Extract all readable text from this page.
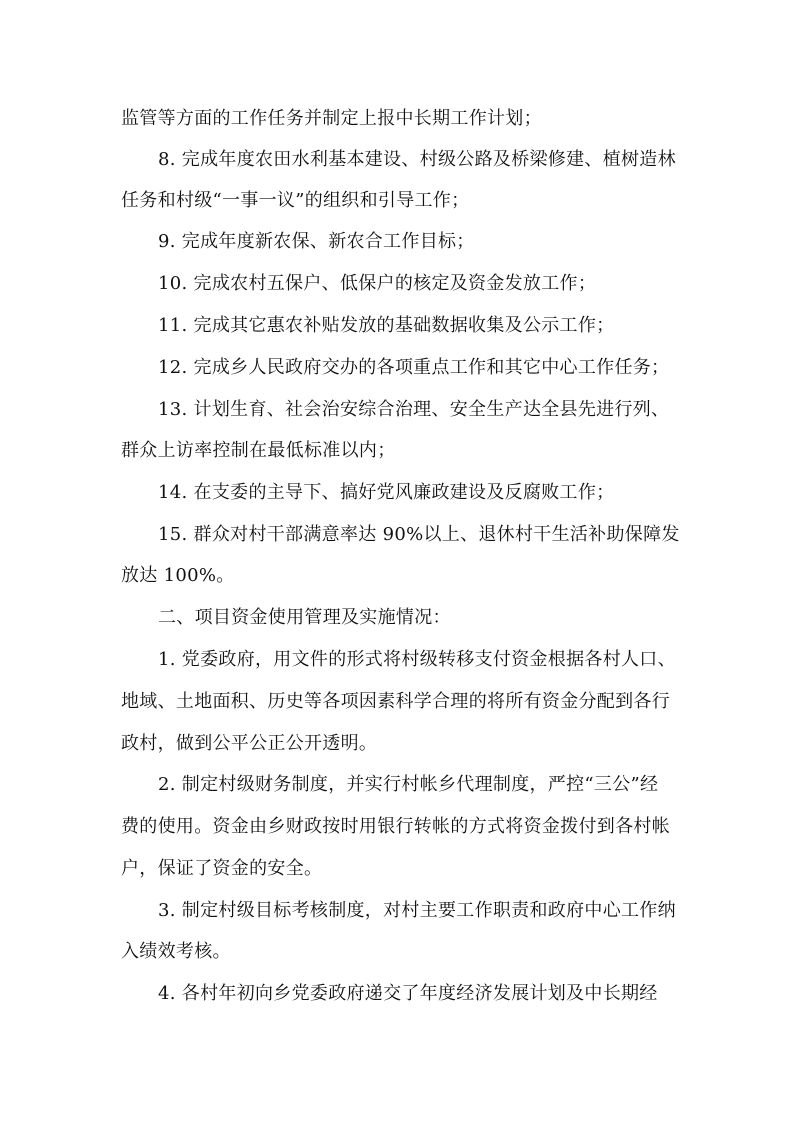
监管等方面的工作任务并制定上报中长期工作计划；
8. 完成年度农田水利基本建设、村级公路及桥梁修建、植树造林
任务和村级“一事一议”的组织和引导工作；
9. 完成年度新农保、新农合工作目标；
10. 完成农村五保户、低保户的核定及资金发放工作；
11. 完成其它惠农补贴发放的基础数据收集及公示工作；
12. 完成乡人民政府交办的各项重点工作和其它中心工作任务；
13. 计划生育、社会治安综合治理、安全生产达全县先进行列、
群众上访率控制在最低标准以内；
14. 在支委的主导下、搞好党风廉政建设及反腐败工作；
15. 群众对村干部满意率达 90%以上、退休村干生活补助保障发
放达 100%。
二、项目资金使用管理及实施情况：
1. 党委政府，用文件的形式将村级转移支付资金根据各村人口、
地域、土地面积、历史等各项因素科学合理的将所有资金分配到各行
政村，做到公平公正公开透明。
2. 制定村级财务制度，并实行村帐乡代理制度，严控“三公”经
费的使用。资金由乡财政按时用银行转帐的方式将资金拨付到各村帐
户，保证了资金的安全。
3. 制定村级目标考核制度，对村主要工作职责和政府中心工作纳
入绩效考核。
4. 各村年初向乡党委政府递交了年度经济发展计划及中长期经
